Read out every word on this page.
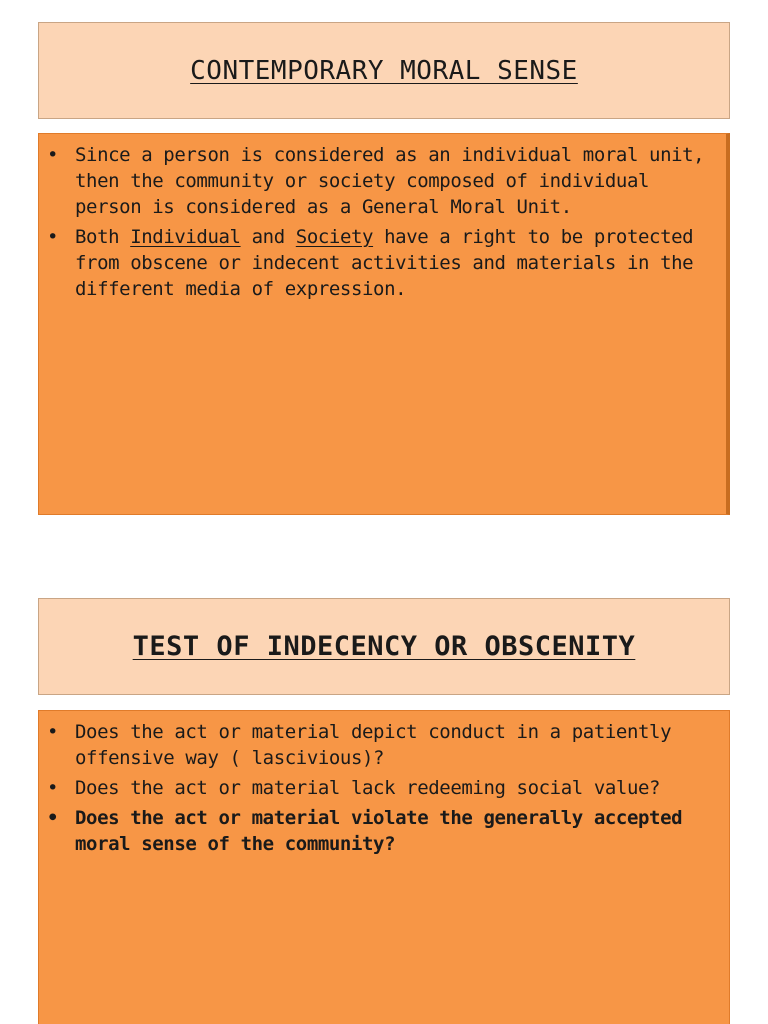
CONTEMPORARY MORAL SENSE
• Since a person is considered as an individual moral unit, then the community or society composed of individual person is considered as a General Moral Unit.
• Both Individual and Society have a right to be protected from obscene or indecent activities and materials in the different media of expression.
TEST OF INDECENCY OR OBSCENITY
• Does the act or material depict conduct in a patiently offensive way ( lascivious)?
• Does the act or material lack redeeming social value?
• Does the act or material violate the generally accepted moral sense of the community?
